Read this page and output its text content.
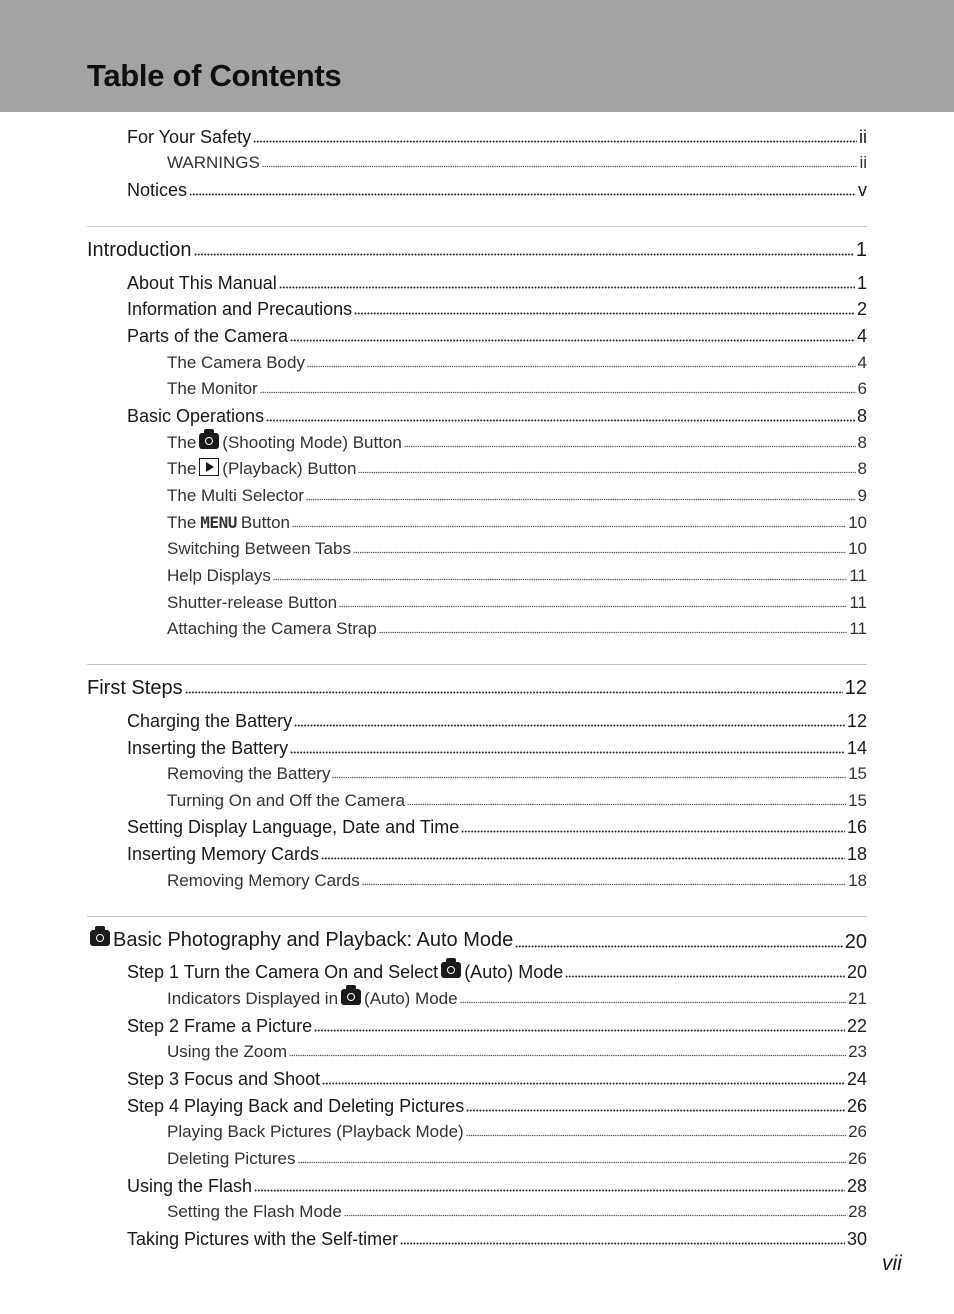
Table of Contents
For Your Safety	ii
WARNINGS	ii
Notices	v
Introduction	1
About This Manual	1
Information and Precautions	2
Parts of the Camera	4
The Camera Body	4
The Monitor	6
Basic Operations	8
The (Shooting Mode) Button	8
The (Playback) Button	8
The Multi Selector	9
The MENU Button	10
Switching Between Tabs	10
Help Displays	11
Shutter-release Button	11
Attaching the Camera Strap	11
First Steps	12
Charging the Battery	12
Inserting the Battery	14
Removing the Battery	15
Turning On and Off the Camera	15
Setting Display Language, Date and Time	16
Inserting Memory Cards	18
Removing Memory Cards	18
Basic Photography and Playback: Auto Mode	20
Step 1 Turn the Camera On and Select (Auto) Mode	20
Indicators Displayed in (Auto) Mode	21
Step 2 Frame a Picture	22
Using the Zoom	23
Step 3 Focus and Shoot	24
Step 4 Playing Back and Deleting Pictures	26
Playing Back Pictures (Playback Mode)	26
Deleting Pictures	26
Using the Flash	28
Setting the Flash Mode	28
Taking Pictures with the Self-timer	30
vii
